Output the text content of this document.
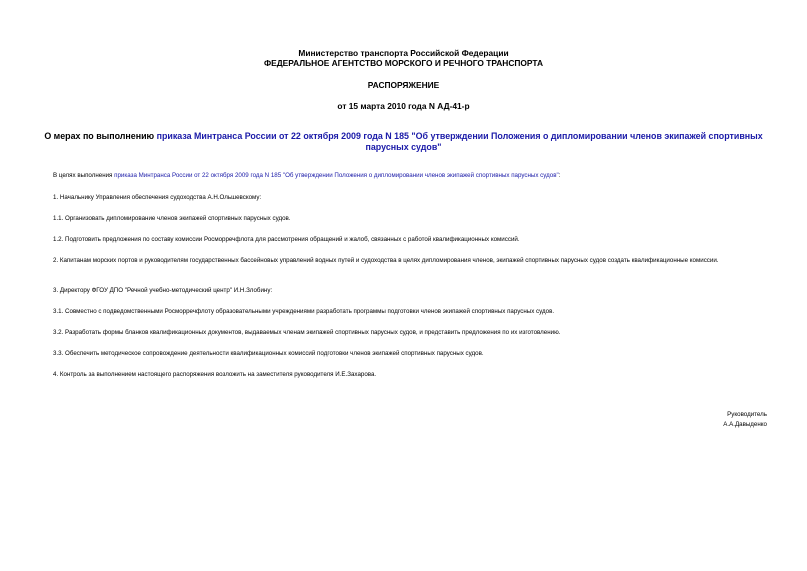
Министерство транспорта Российской Федерации
ФЕДЕРАЛЬНОЕ АГЕНТСТВО МОРСКОГО И РЕЧНОГО ТРАНСПОРТА
РАСПОРЯЖЕНИЕ
от 15 марта 2010 года N АД-41-р
О мерах по выполнению приказа Минтранса России от 22 октября 2009 года N 185 "Об утверждении Положения о дипломировании членов экипажей спортивных парусных судов"
В целях выполнения приказа Минтранса России от 22 октября 2009 года N 185 "Об утверждении Положения о дипломировании членов экипажей спортивных парусных судов":
1. Начальнику Управления обеспечения судоходства А.Н.Ольшевскому:
1.1. Организовать дипломирование членов экипажей спортивных парусных судов.
1.2. Подготовить предложения по составу комиссии Росморречфлота для рассмотрения обращений и жалоб, связанных с работой квалификационных комиссий.
2. Капитанам морских портов и руководителям государственных бассейновых управлений водных путей и судоходства в целях дипломирования членов, экипажей спортивных парусных судов создать квалификационные комиссии.
3. Директору ФГОУ ДПО "Речной учебно-методический центр" И.Н.Злобину:
3.1. Совместно с подведомственными Росморречфлоту образовательными учреждениями разработать программы подготовки членов экипажей спортивных парусных судов.
3.2. Разработать формы бланков квалификационных документов, выдаваемых членам экипажей спортивных парусных судов, и представить предложения по их изготовлению.
3.3. Обеспечить методическое сопровождение деятельности квалификационных комиссий подготовки членов экипажей спортивных парусных судов.
4. Контроль за выполнением настоящего распоряжения возложить на заместителя руководителя И.Е.Захарова.
Руководитель
А.А.Давыденко
